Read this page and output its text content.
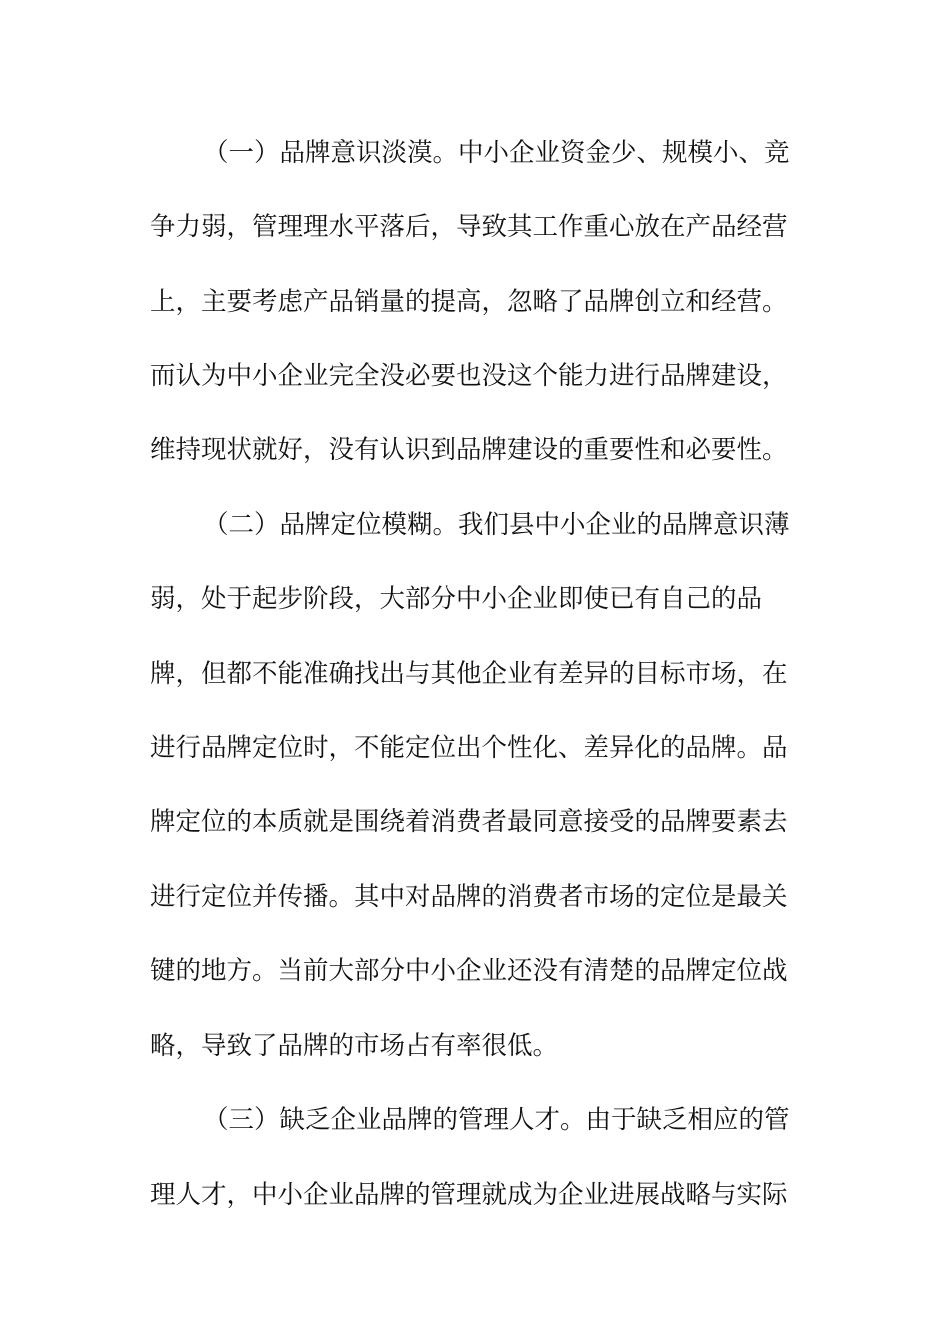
（一）品牌意识淡漠。中小企业资金少、规模小、竞
争力弱，管理理水平落后，导致其工作重心放在产品经营
上，主要考虑产品销量的提高，忽略了品牌创立和经营。
而认为中小企业完全没必要也没这个能力进行品牌建设，
维持现状就好，没有认识到品牌建设的重要性和必要性。
（二）品牌定位模糊。我们县中小企业的品牌意识薄
弱，处于起步阶段，大部分中小企业即使已有自己的品
牌，但都不能准确找出与其他企业有差异的目标市场，在
进行品牌定位时，不能定位出个性化、差异化的品牌。品
牌定位的本质就是围绕着消费者最同意接受的品牌要素去
进行定位并传播。其中对品牌的消费者市场的定位是最关
键的地方。当前大部分中小企业还没有清楚的品牌定位战
略，导致了品牌的市场占有率很低。
（三）缺乏企业品牌的管理人才。由于缺乏相应的管
理人才，中小企业品牌的管理就成为企业进展战略与实际
